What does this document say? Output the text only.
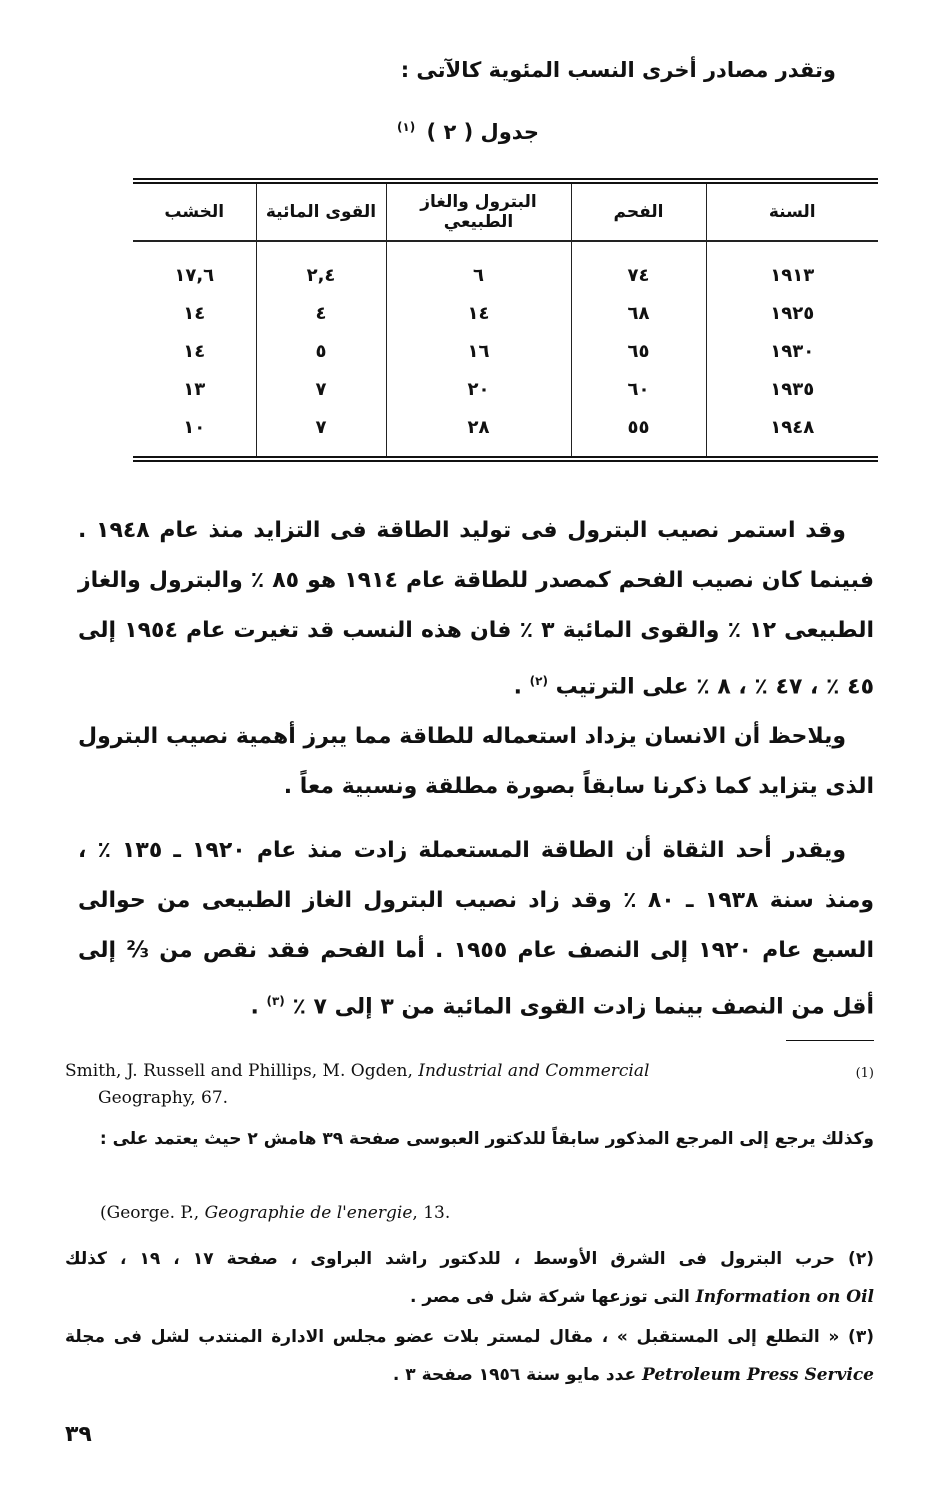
وتقدر مصادر أخرى النسب المئوية كالآتى :
جدول ( ٢ ) $^{(١)}$
السنة	الفحم	البترول والغاز الطبيعي	القوى المائية	الخشب
١٩١٣	٧٤	٦	٢,٤	١٧,٦
١٩٢٥	٦٨	١٤	٤	١٤
١٩٣٠	٦٥	١٦	٥	١٤
١٩٣٥	٦٠	٢٠	٧	١٣
١٩٤٨	٥٥	٢٨	٧	١٠

وقد استمر نصيب البترول فى توليد الطاقة فى التزايد منذ عام ١٩٤٨ . فبينما كان نصيب الفحم كمصدر للطاقة عام ١٩١٤ هو ٨٥ ٪ والبترول والغاز الطبيعى ١٢ ٪ والقوى المائية ٣ ٪ فان هذه النسب قد تغيرت عام ١٩٥٤ إلى ٤٥ ٪ ، ٤٧ ٪ ، ٨ ٪ على الترتيب $^{(٢)}$ .

ويلاحظ أن الانسان يزداد استعماله للطاقة مما يبرز أهمية نصيب البترول الذى يتزايد كما ذكرنا سابقاً بصورة مطلقة ونسبية معاً .

ويقدر أحد الثقاة أن الطاقة المستعملة زادت منذ عام ١٩٢٠ ـ ١٣٥ ٪ ، ومنذ سنة ١٩٣٨ ـ ٨٠ ٪ وقد زاد نصيب البترول الغاز الطبيعى من حوالى السبع عام ١٩٢٠ إلى النصف عام ١٩٥٥ . أما الفحم فقد نقص من ⅔ إلى أقل من النصف بينما زادت القوى المائية من ٣ إلى ٧ ٪ $^{(٣)}$ .

(1)
Smith, J. Russell and Phillips, M. Ogden, Industrial and Commercial
Geography, 67.
وكذلك يرجع إلى المرجع المذكور سابقاً للدكتور العبوسى صفحة ٣٩ هامش ٢ حيث يعتمد على :
(George. P., Geographie de l'energie, 13.
(٢) حرب البترول فى الشرق الأوسط ، للدكتور راشد البراوى ، صفحة ١٧ ، ١٩ ، كذلك Information on Oil التى توزعها شركة شل فى مصر .
(٣) « التطلع إلى المستقبل » ، مقال لمستر بلات عضو مجلس الادارة المنتدب لشل فى مجلة Petroleum Press Service عدد مايو سنة ١٩٥٦ صفحة ٣ .
٣٩
